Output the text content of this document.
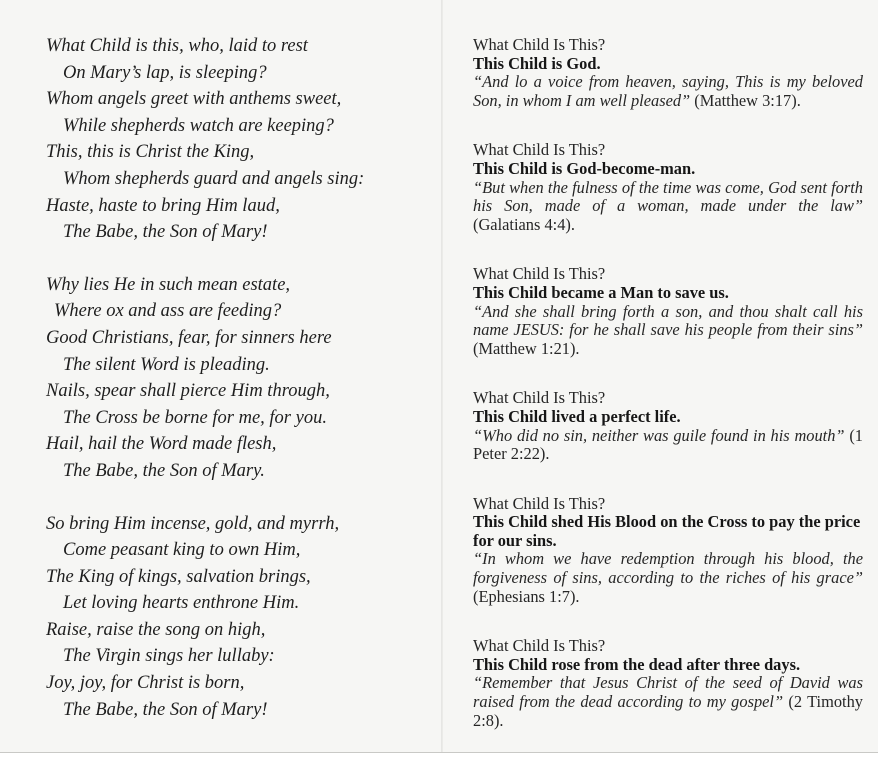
What Child is this, who, laid to rest
On Mary’s lap, is sleeping?
Whom angels greet with anthems sweet,
While shepherds watch are keeping?
This, this is Christ the King,
Whom shepherds guard and angels sing:
Haste, haste to bring Him laud,
The Babe, the Son of Mary!
Why lies He in such mean estate,
Where ox and ass are feeding?
Good Christians, fear, for sinners here
The silent Word is pleading.
Nails, spear shall pierce Him through,
The Cross be borne for me, for you.
Hail, hail the Word made flesh,
The Babe, the Son of Mary.
So bring Him incense, gold, and myrrh,
Come peasant king to own Him,
The King of kings, salvation brings,
Let loving hearts enthrone Him.
Raise, raise the song on high,
The Virgin sings her lullaby:
Joy, joy, for Christ is born,
The Babe, the Son of Mary!
What Child Is This?
This Child is God.
“And lo a voice from heaven, saying, This is my beloved Son, in whom I am well pleased” (Matthew 3:17).
What Child Is This?
This Child is God-become-man.
“But when the fulness of the time was come, God sent forth his Son, made of a woman, made under the law” (Galatians 4:4).
What Child Is This?
This Child became a Man to save us.
“And she shall bring forth a son, and thou shalt call his name JESUS: for he shall save his people from their sins” (Matthew 1:21).
What Child Is This?
This Child lived a perfect life.
“Who did no sin, neither was guile found in his mouth” (1 Peter 2:22).
What Child Is This?
This Child shed His Blood on the Cross to pay the price for our sins.
“In whom we have redemption through his blood, the forgiveness of sins, according to the riches of his grace” (Ephesians 1:7).
What Child Is This?
This Child rose from the dead after three days.
“Remember that Jesus Christ of the seed of David was raised from the dead according to my gospel” (2 Timothy 2:8).
